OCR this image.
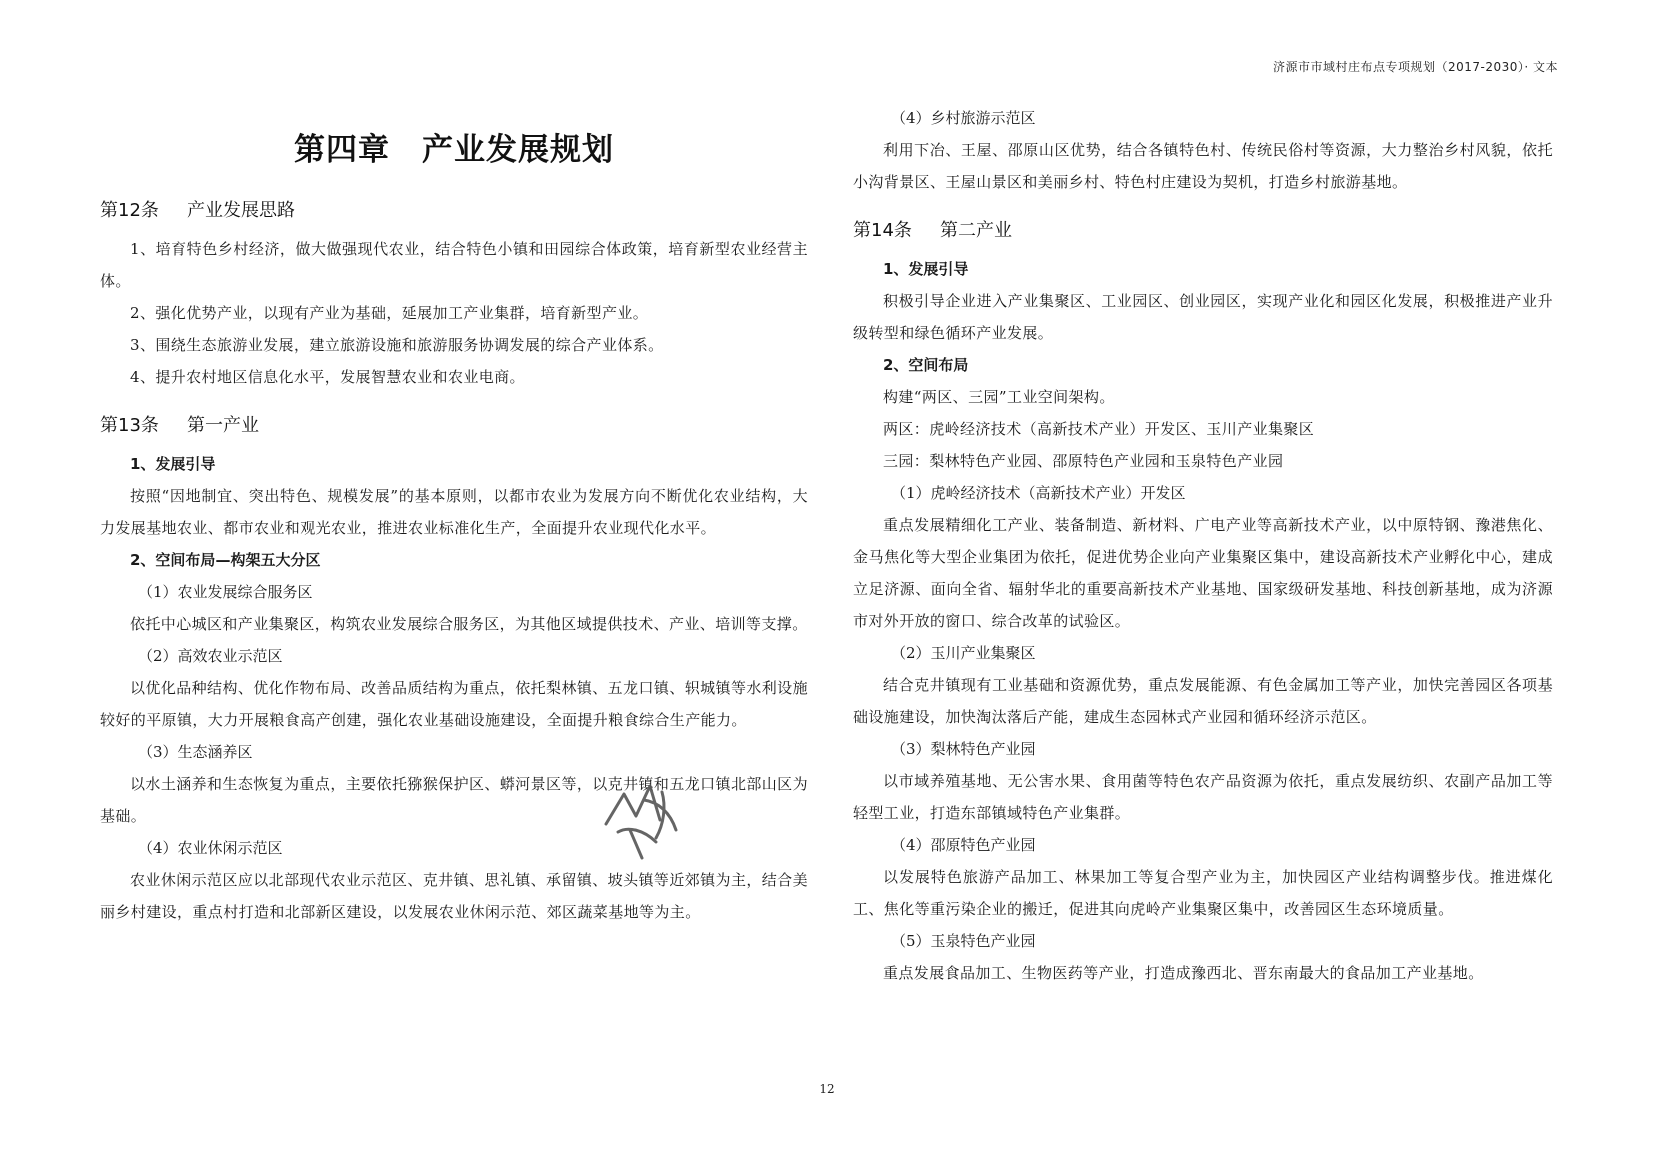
济源市市域村庄布点专项规划（2017-2030）· 文本
第四章　产业发展规划
第12条 产业发展思路

1、培育特色乡村经济，做大做强现代农业，结合特色小镇和田园综合体政策，培育新型农业经营主体。

2、强化优势产业，以现有产业为基础，延展加工产业集群，培育新型产业。

3、围绕生态旅游业发展，建立旅游设施和旅游服务协调发展的综合产业体系。

4、提升农村地区信息化水平，发展智慧农业和农业电商。

第13条 第一产业

1、发展引导

按照“因地制宜、突出特色、规模发展”的基本原则，以都市农业为发展方向不断优化农业结构，大力发展基地农业、都市农业和观光农业，推进农业标准化生产，全面提升农业现代化水平。

2、空间布局—构架五大分区

（1）农业发展综合服务区

依托中心城区和产业集聚区，构筑农业发展综合服务区，为其他区域提供技术、产业、培训等支撑。

（2）高效农业示范区

以优化品种结构、优化作物布局、改善品质结构为重点，依托梨林镇、五龙口镇、轵城镇等水利设施较好的平原镇，大力开展粮食高产创建，强化农业基础设施建设，全面提升粮食综合生产能力。

（3）生态涵养区

以水土涵养和生态恢复为重点，主要依托猕猴保护区、蟒河景区等，以克井镇和五龙口镇北部山区为基础。

（4）农业休闲示范区

农业休闲示范区应以北部现代农业示范区、克井镇、思礼镇、承留镇、坡头镇等近郊镇为主，结合美丽乡村建设，重点村打造和北部新区建设，以发展农业休闲示范、郊区蔬菜基地等为主。

（4）乡村旅游示范区

利用下冶、王屋、邵原山区优势，结合各镇特色村、传统民俗村等资源，大力整治乡村风貌，依托小沟背景区、王屋山景区和美丽乡村、特色村庄建设为契机，打造乡村旅游基地。

第14条 第二产业

1、发展引导

积极引导企业进入产业集聚区、工业园区、创业园区，实现产业化和园区化发展，积极推进产业升级转型和绿色循环产业发展。

2、空间布局

构建“两区、三园”工业空间架构。

两区：虎岭经济技术（高新技术产业）开发区、玉川产业集聚区

三园：梨林特色产业园、邵原特色产业园和玉泉特色产业园

（1）虎岭经济技术（高新技术产业）开发区

重点发展精细化工产业、装备制造、新材料、广电产业等高新技术产业，以中原特钢、豫港焦化、金马焦化等大型企业集团为依托，促进优势企业向产业集聚区集中，建设高新技术产业孵化中心，建成立足济源、面向全省、辐射华北的重要高新技术产业基地、国家级研发基地、科技创新基地，成为济源市对外开放的窗口、综合改革的试验区。

（2）玉川产业集聚区

结合克井镇现有工业基础和资源优势，重点发展能源、有色金属加工等产业，加快完善园区各项基础设施建设，加快淘汰落后产能，建成生态园林式产业园和循环经济示范区。

（3）梨林特色产业园

以市域养殖基地、无公害水果、食用菌等特色农产品资源为依托，重点发展纺织、农副产品加工等轻型工业，打造东部镇域特色产业集群。

（4）邵原特色产业园

以发展特色旅游产品加工、林果加工等复合型产业为主，加快园区产业结构调整步伐。推进煤化工、焦化等重污染企业的搬迁，促进其向虎岭产业集聚区集中，改善园区生态环境质量。

（5）玉泉特色产业园

重点发展食品加工、生物医药等产业，打造成豫西北、晋东南最大的食品加工产业基地。

12
